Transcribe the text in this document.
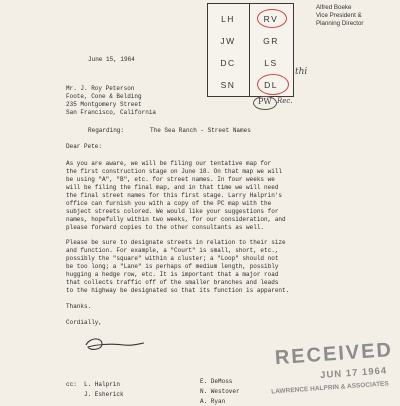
LH
JW
DC
SN
RV
GR
LS
DL
thi
PW Rec.
Alfred Boeke
Vice President &
Planning Director
June 15, 1964
Mr. J. Roy Peterson
Foote, Cone & Belding
235 Montgomery Street
San Francisco, California
Regarding:	The Sea Ranch - Street Names
Dear Pete:
As you are aware, we will be filing our tentative map for
the first construction stage on June 18. On that map we will
be using "A", "B", etc. for street names. In four weeks we
will be filing the final map, and in that time we will need
the final street names for this first stage. Larry Halprin's
office can furnish you with a copy of the PC map with the
subject streets colored. We would like your suggestions for
names, hopefully within two weeks, for our consideration, and
please forward copies to the other consultants as well.
Please be sure to designate streets in relation to their size
and function. For example, a "Court" is small, short, etc.,
possibly the "square" within a cluster; a "Loop" should not
be too long; a "Lane" is perhaps of medium length, possibly
hugging a hedge row, etc. It is important that a major road
that collects traffic off of the smaller branches and leads
to the highway be designated so that its function is apparent.
Thanks.
Cordially,
RECEIVED
JUN 17 1964
LAWRENCE HALPRIN & ASSOCIATES
cc: L. Halprin
J. Esherick
E. DeMoss
N. Westover
A. Ryan
